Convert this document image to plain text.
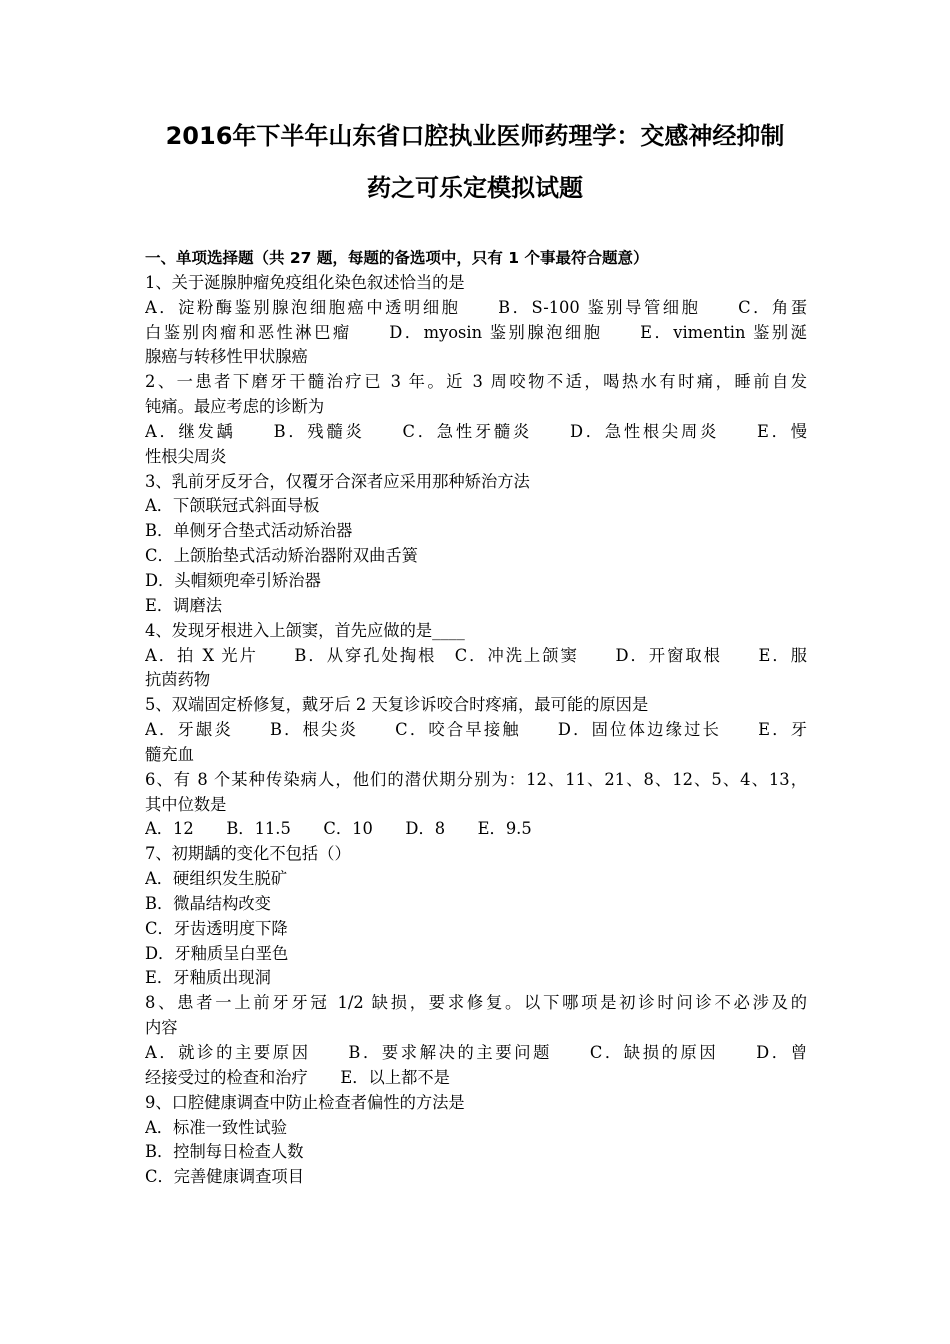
2016年下半年山东省口腔执业医师药理学：交感神经抑制
药之可乐定模拟试题
一、单项选择题（共 27 题，每题的备选项中，只有 1 个事最符合题意）
1、关于涎腺肿瘤免疫组化染色叙述恰当的是
A．淀粉酶鉴别腺泡细胞癌中透明细胞　　B．S-100 鉴别导管细胞　　C．角蛋
白鉴别肉瘤和恶性淋巴瘤　　D．myosin 鉴别腺泡细胞　　E．vimentin 鉴别涎
腺癌与转移性甲状腺癌
2、一患者下磨牙干髓治疗已 3 年。近 3 周咬物不适，喝热水有时痛，睡前自发
钝痛。最应考虑的诊断为
A．继发龋　　B．残髓炎　　C．急性牙髓炎　　D．急性根尖周炎　　E．慢
性根尖周炎
3、乳前牙反牙合，仅覆牙合深者应采用那种矫治方法
A．下颌联冠式斜面导板
B．单侧牙合垫式活动矫治器
C．上颌胎垫式活动矫治器附双曲舌簧
D．头帽颏兜牵引矫治器
E．调磨法
4、发现牙根进入上颌窦，首先应做的是____
A．拍 X 光片　　B．从穿孔处掏根　C．冲洗上颌窦　　D．开窗取根　　E．服
抗茵药物
5、双端固定桥修复，戴牙后 2 天复诊诉咬合时疼痛，最可能的原因是
A．牙龈炎　　B．根尖炎　　C．咬合早接触　　D．固位体边缘过长　　E．牙
髓充血
6、有 8 个某种传染病人，他们的潜伏期分别为：12、11、21、8、12、5、4、13，
其中位数是
A．12　　B．11.5　　C．10　　D．8　　E．9.5
7、初期龋的变化不包括（）
A．硬组织发生脱矿
B．微晶结构改变
C．牙齿透明度下降
D．牙釉质呈白垩色
E．牙釉质出现洞
8、患者一上前牙牙冠 1/2 缺损，要求修复。以下哪项是初诊时问诊不必涉及的
内容
A．就诊的主要原因　　B．要求解决的主要问题　　C．缺损的原因　　D．曾
经接受过的检查和治疗　　E．以上都不是
9、口腔健康调查中防止检查者偏性的方法是
A．标准一致性试验
B．控制每日检查人数
C．完善健康调查项目
